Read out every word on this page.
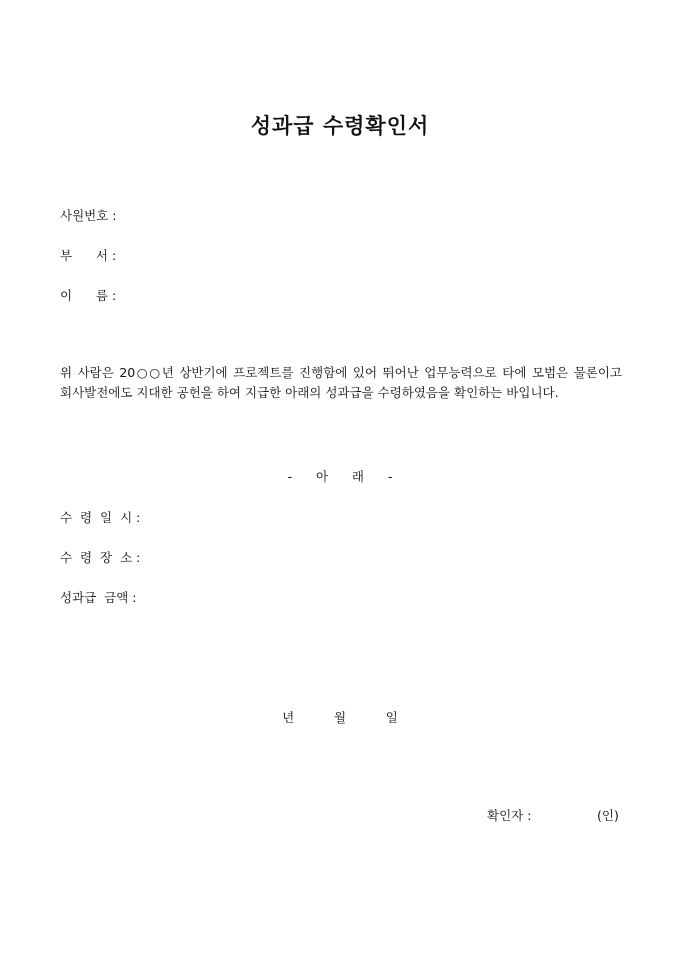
성과급 수령확인서
사원번호 :
부      서 :
이      름 :
위 사람은 20○○년 상반기에 프로젝트를 진행함에 있어 뛰어난 업무능력으로 타에 모범은 물론이고 회사발전에도 지대한 공헌을 하여 지급한 아래의 성과급을 수령하였음을 확인하는 바입니다.
-      아      래      -
수  령  일  시 :
수  령  장  소 :
성과급  금액 :
년          월          일
확인자 :	(인)
